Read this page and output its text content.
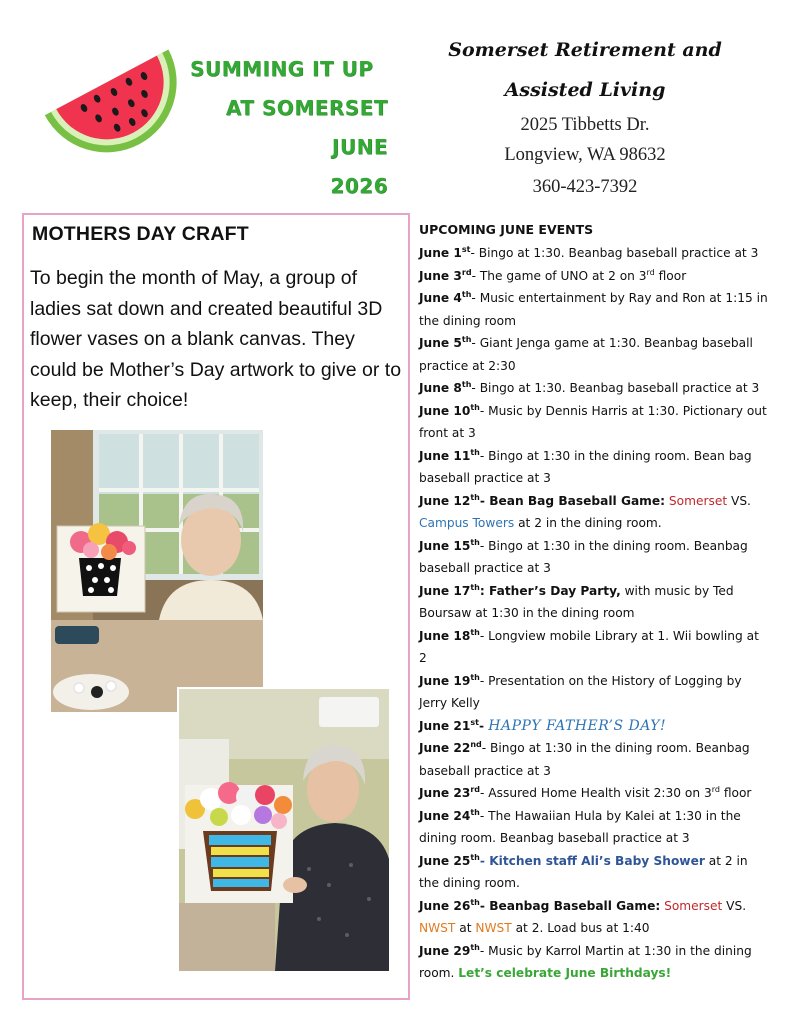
SUMMING IT UP
AT SOMERSET
JUNE
2026
Somerset Retirement and
Assisted Living
2025 Tibbetts Dr.
Longview, WA 98632
360-423-7392
MOTHERS DAY CRAFT
To begin the month of May, a group of ladies sat down and created beautiful 3D flower vases on a blank canvas. They could be Mother’s Day artwork to give or to keep, their choice!
UPCOMING JUNE EVENTS
June 1st- Bingo at 1:30. Beanbag baseball practice at 3
June 3rd- The game of UNO at 2 on 3rd floor
June 4th- Music entertainment by Ray and Ron at 1:15 in the dining room
June 5th- Giant Jenga game at 1:30. Beanbag baseball practice at 2:30
June 8th- Bingo at 1:30. Beanbag baseball practice at 3
June 10th- Music by Dennis Harris at 1:30. Pictionary out front at 3
June 11th- Bingo at 1:30 in the dining room. Bean bag baseball practice at 3
June 12th- Bean Bag Baseball Game: Somerset VS. Campus Towers at 2 in the dining room.
June 15th- Bingo at 1:30 in the dining room. Beanbag baseball practice at 3
June 17th: Father’s Day Party, with music by Ted Boursaw at 1:30 in the dining room
June 18th- Longview mobile Library at 1. Wii bowling at 2
June 19th- Presentation on the History of Logging by Jerry Kelly
June 21st- HAPPY FATHER’S DAY!
June 22nd- Bingo at 1:30 in the dining room. Beanbag baseball practice at 3
June 23rd- Assured Home Health visit 2:30 on 3rd floor
June 24th- The Hawaiian Hula by Kalei at 1:30 in the dining room. Beanbag baseball practice at 3
June 25th- Kitchen staff Ali’s Baby Shower at 2 in the dining room.
June 26th- Beanbag Baseball Game: Somerset VS. NWST at NWST at 2. Load bus at 1:40
June 29th- Music by Karrol Martin at 1:30 in the dining room. Let’s celebrate June Birthdays!
